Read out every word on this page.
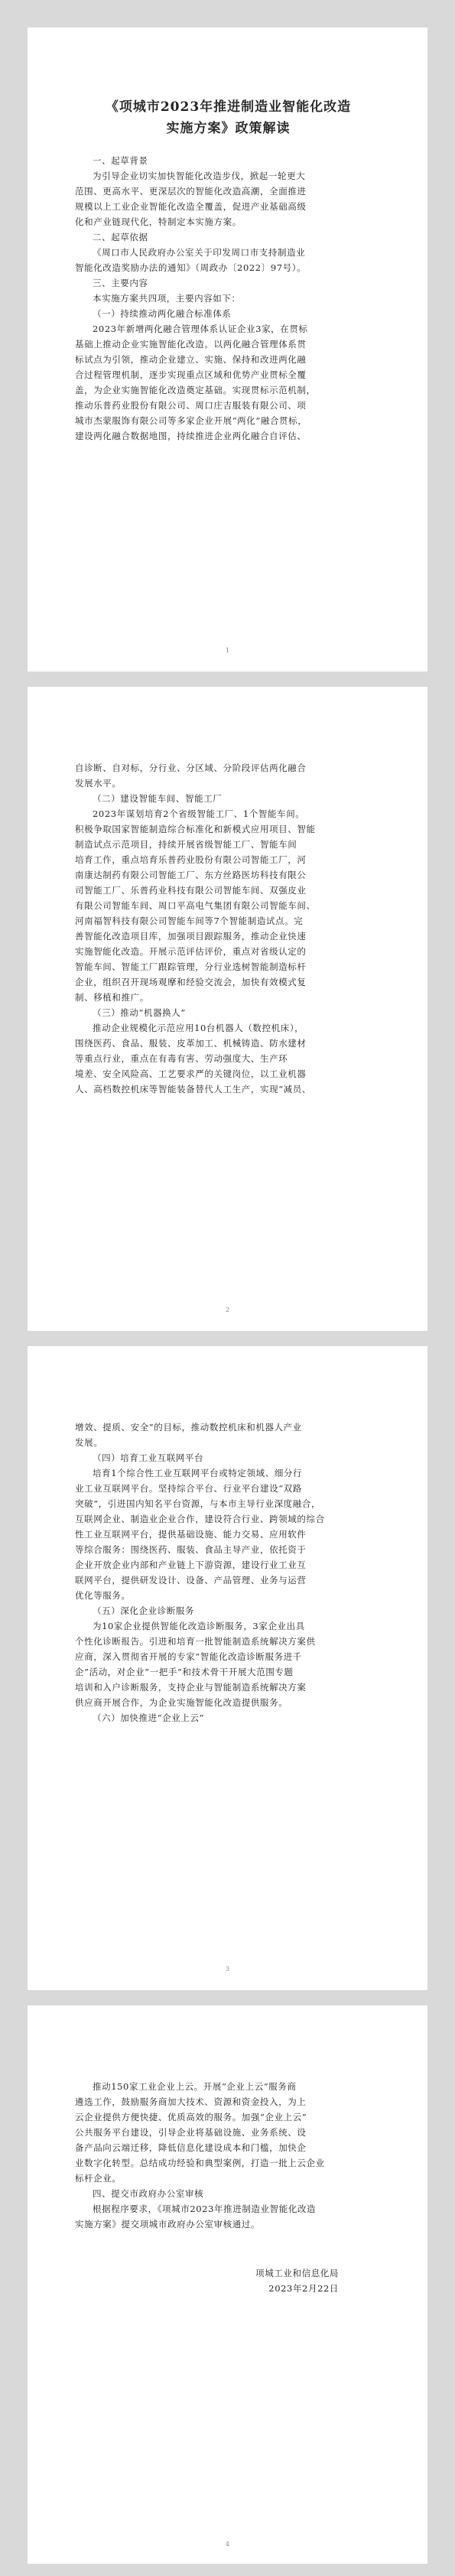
《项城市2023年推进制造业智能化改造
实施方案》政策解读
一、起草背景
为引导企业切实加快智能化改造步伐，掀起一轮更大
范围、更高水平、更深层次的智能化改造高潮，全面推进
规模以上工业企业智能化改造全覆盖，促进产业基础高级
化和产业链现代化，特制定本实施方案。
二、起草依据
《周口市人民政府办公室关于印发周口市支持制造业
智能化改造奖励办法的通知》（周政办〔2022〕97号）。
三、主要内容
本实施方案共四项，主要内容如下：
（一）持续推动两化融合标准体系
2023年新增两化融合管理体系认证企业3家，在贯标
基础上推动企业实施智能化改造。以两化融合管理体系贯
标试点为引领，推动企业建立、实施、保持和改进两化融
合过程管理机制，逐步实现重点区域和优势产业贯标全覆
盖，为企业实施智能化改造奠定基础。实现贯标示范机制，
推动乐普药业股份有限公司、周口庄吉服装有限公司、项
城市杰蒙服饰有限公司等多家企业开展“两化”融合贯标，
建设两化融合数据地图，持续推进企业两化融合自评估、
1
自诊断、自对标，分行业、分区域、分阶段评估两化融合
发展水平。
（二）建设智能车间、智能工厂
2023年谋划培育2个省级智能工厂、1个智能车间。
积极争取国家智能制造综合标准化和新模式应用项目、智能
制造试点示范项目，持续开展省级智能工厂、智能车间
培育工作，重点培育乐普药业股份有限公司智能工厂，河
南康达制药有限公司智能工厂、东方丝路医坊科技有限公
司智能工厂、乐普药业科技有限公司智能车间、双强皮业
有限公司智能车间、周口平高电气集团有限公司智能车间、
河南福智科技有限公司智能车间等7个智能制造试点。完
善智能化改造项目库，加强项目跟踪服务，推动企业快速
实施智能化改造。开展示范评估评价，重点对省级认定的
智能车间、智能工厂跟踪管理，分行业选树智能制造标杆
企业，组织召开现场观摩和经验交流会，加快有效模式复
制、移植和推广。
（三）推动“机器换人”
推动企业规模化示范应用10台机器人（数控机床），
围绕医药、食品、服装、皮革加工、机械铸造、防水建材
等重点行业，重点在有毒有害、劳动强度大、生产环
境差、安全风险高、工艺要求严的关键岗位，以工业机器
人、高档数控机床等智能装备替代人工生产，实现“减员、
2
增效、提质、安全”的目标，推动数控机床和机器人产业
发展。
（四）培育工业互联网平台
培育1个综合性工业互联网平台或特定领域、细分行
业工业互联网平台。坚持综合平台、行业平台建设“双路
突破”，引进国内知名平台资源，与本市主导行业深度融合，
互联网企业、制造业企业合作，建设符合行业、跨领域的综合
性工业互联网平台，提供基础设施、能力交易、应用软件
等综合服务：围绕医药、服装、食品主导产业，依托资于
企业开放企业内部和产业链上下游资源，建设行业工业互
联网平台，提供研发设计、设备、产品管理、业务与运营
优化等服务。
（五）深化企业诊断服务
为10家企业提供智能化改造诊断服务，3家企业出具
个性化诊断报告。引进和培育一批智能制造系统解决方案供
应商，深入贯彻省开展的专家“智能化改造诊断服务进千
企”活动，对企业“一把手”和技术骨干开展大范围专题
培训和入户诊断服务，支持企业与智能制造系统解决方案
供应商开展合作，为企业实施智能化改造提供服务。
（六）加快推进“企业上云”
3
推动150家工业企业上云。开展“企业上云”服务商
遴选工作，鼓励服务商加大技术、资源和资金投入，为上
云企业提供方便快捷、优质高效的服务。加强“企业上云”
公共服务平台建设，引导企业将基础设施、业务系统、设
备产品向云端迁移，降低信息化建设成本和门槛，加快企
业数字化转型。总结成功经验和典型案例，打造一批上云企业
标杆企业。
四、提交市政府办公室审核
根据程序要求，《项城市2023年推进制造业智能化改造
实施方案》提交项城市政府办公室审核通过。
项城工业和信息化局
2023年2月22日
4
